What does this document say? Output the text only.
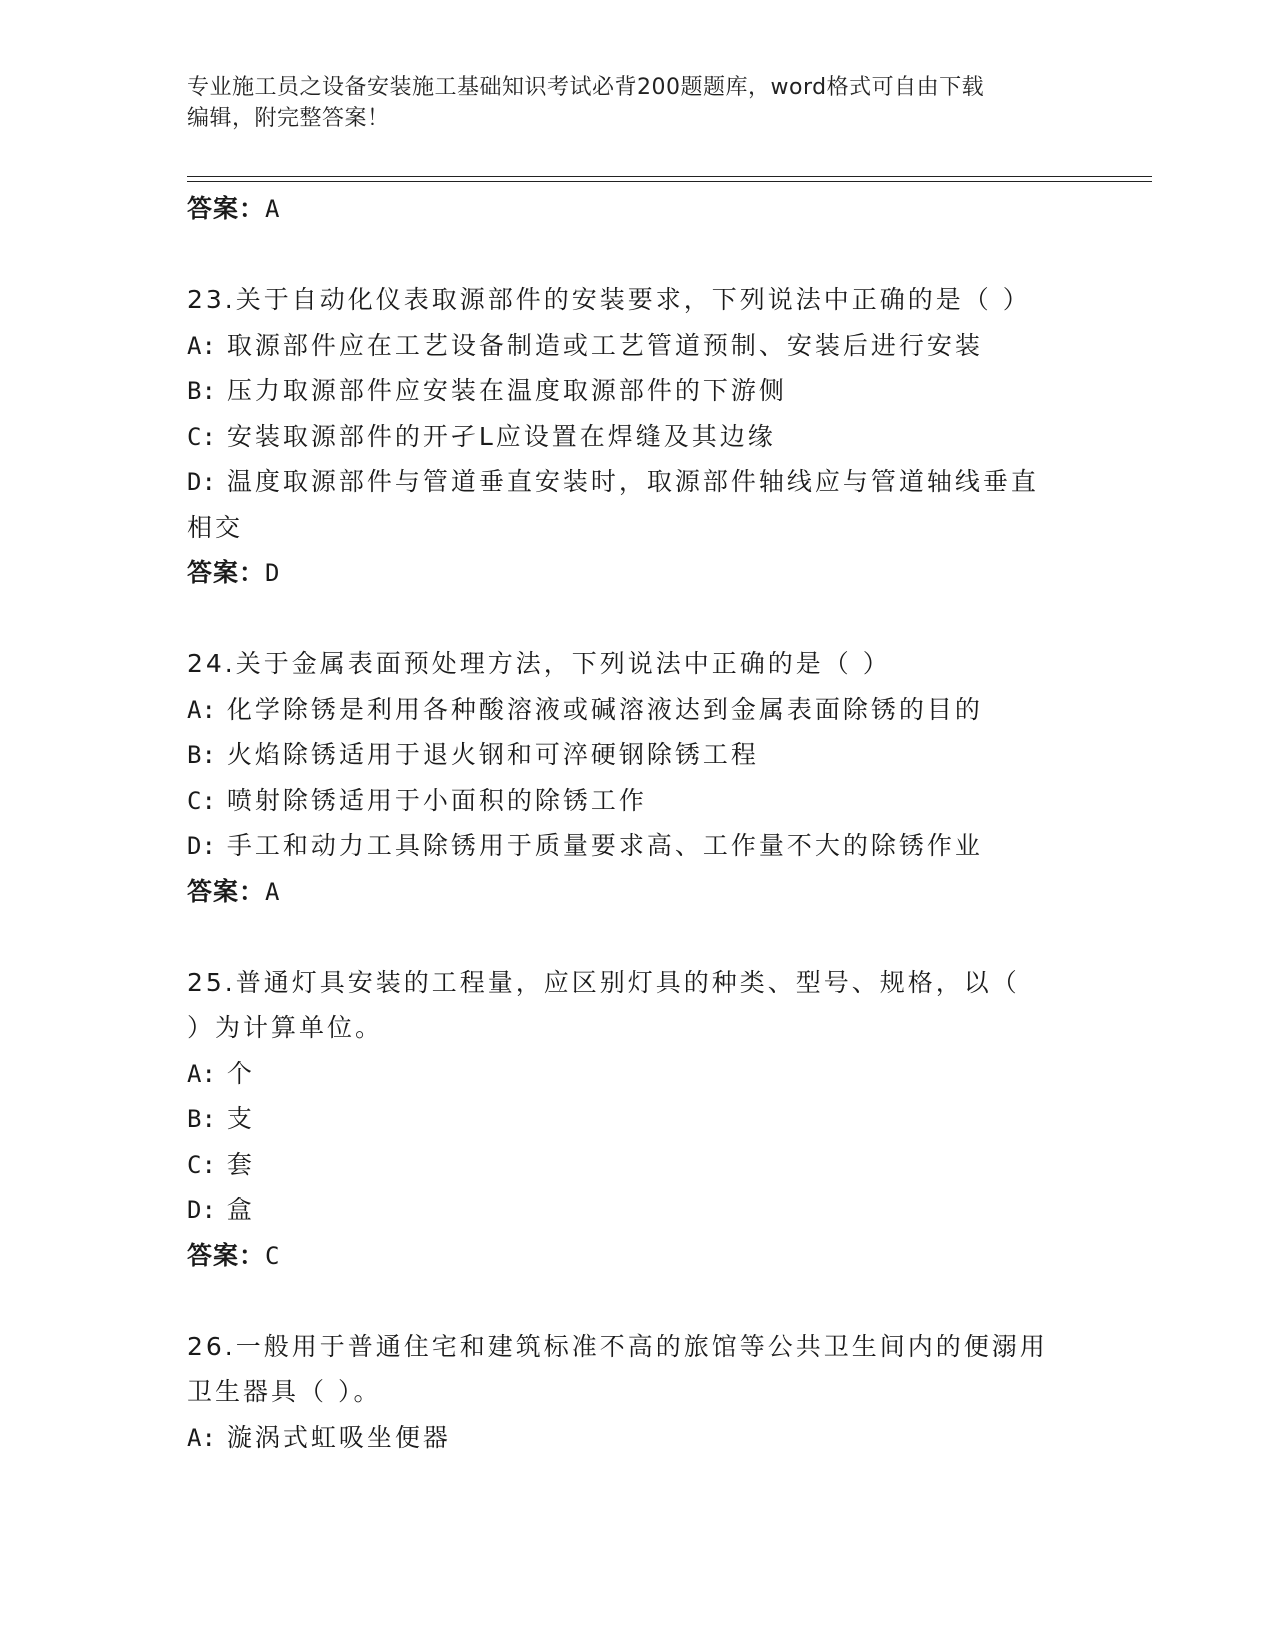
专业施工员之设备安装施工基础知识考试必背200题题库，word格式可自由下载
编辑，附完整答案！
答案：A
23.关于自动化仪表取源部件的安装要求，下列说法中正确的是（ ）
A: 取源部件应在工艺设备制造或工艺管道预制、安装后进行安装
B: 压力取源部件应安装在温度取源部件的下游侧
C: 安装取源部件的开孑L应设置在焊缝及其边缘
D: 温度取源部件与管道垂直安装时，取源部件轴线应与管道轴线垂直
相交
答案：D
24.关于金属表面预处理方法，下列说法中正确的是（ ）
A: 化学除锈是利用各种酸溶液或碱溶液达到金属表面除锈的目的
B: 火焰除锈适用于退火钢和可淬硬钢除锈工程
C: 喷射除锈适用于小面积的除锈工作
D: 手工和动力工具除锈用于质量要求高、工作量不大的除锈作业
答案：A
25.普通灯具安装的工程量，应区别灯具的种类、型号、规格，以（
）为计算单位。
A: 个
B: 支
C: 套
D: 盒
答案：C
26.一般用于普通住宅和建筑标准不高的旅馆等公共卫生间内的便溺用
卫生器具（ ）。
A: 漩涡式虹吸坐便器
